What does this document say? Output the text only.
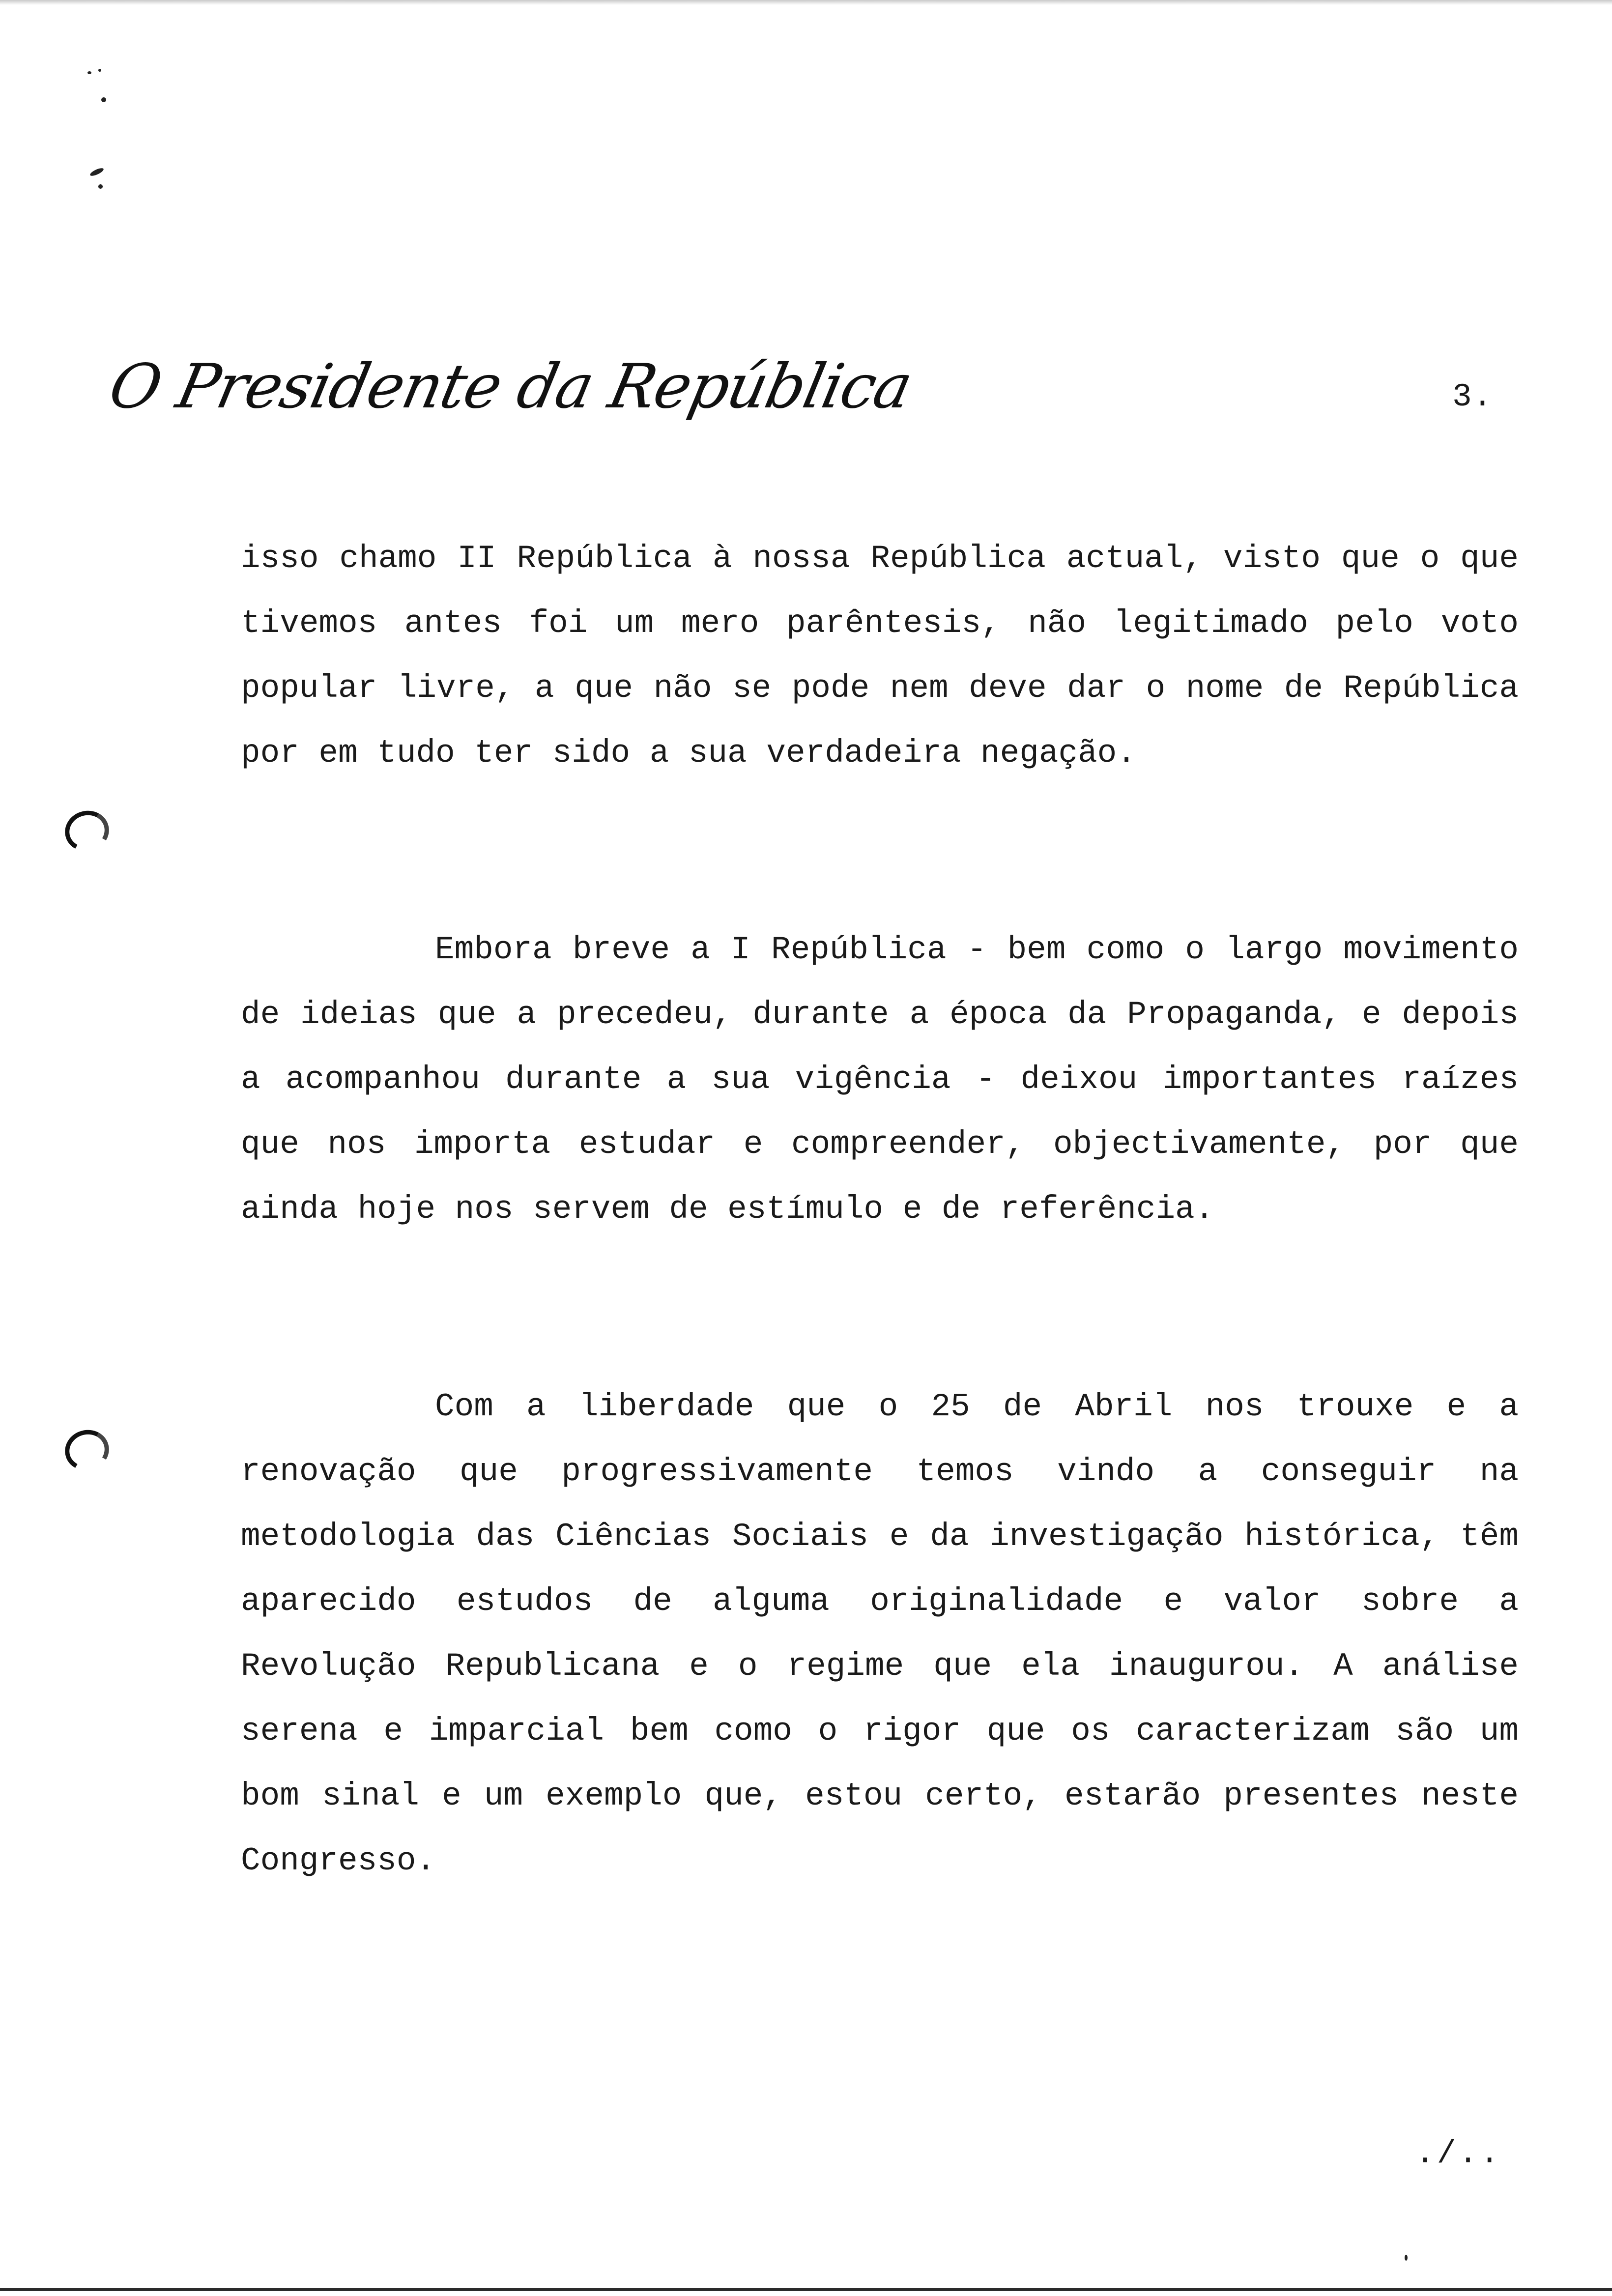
O Presidente da República	3.
isso chamo II República à nossa República actual, visto que o que
tivemos antes foi um mero parêntesis, não legitimado pelo voto
popular livre, a que não se pode nem deve dar o nome de República
por em tudo ter sido a sua verdadeira negação.
Embora breve a I República - bem como o largo movimento
de ideias que a precedeu, durante a época da Propaganda, e depois
a acompanhou durante a sua vigência - deixou importantes raízes
que nos importa estudar e compreender, objectivamente, por que
ainda hoje nos servem de estímulo e de referência.
Com a liberdade que o 25 de Abril nos trouxe e a
renovação que progressivamente temos vindo a conseguir na
metodologia das Ciências Sociais e da investigação histórica, têm
aparecido estudos de alguma originalidade e valor sobre a
Revolução Republicana e o regime que ela inaugurou. A análise
serena e imparcial bem como o rigor que os caracterizam são um
bom sinal e um exemplo que, estou certo, estarão presentes neste
Congresso.
./..
